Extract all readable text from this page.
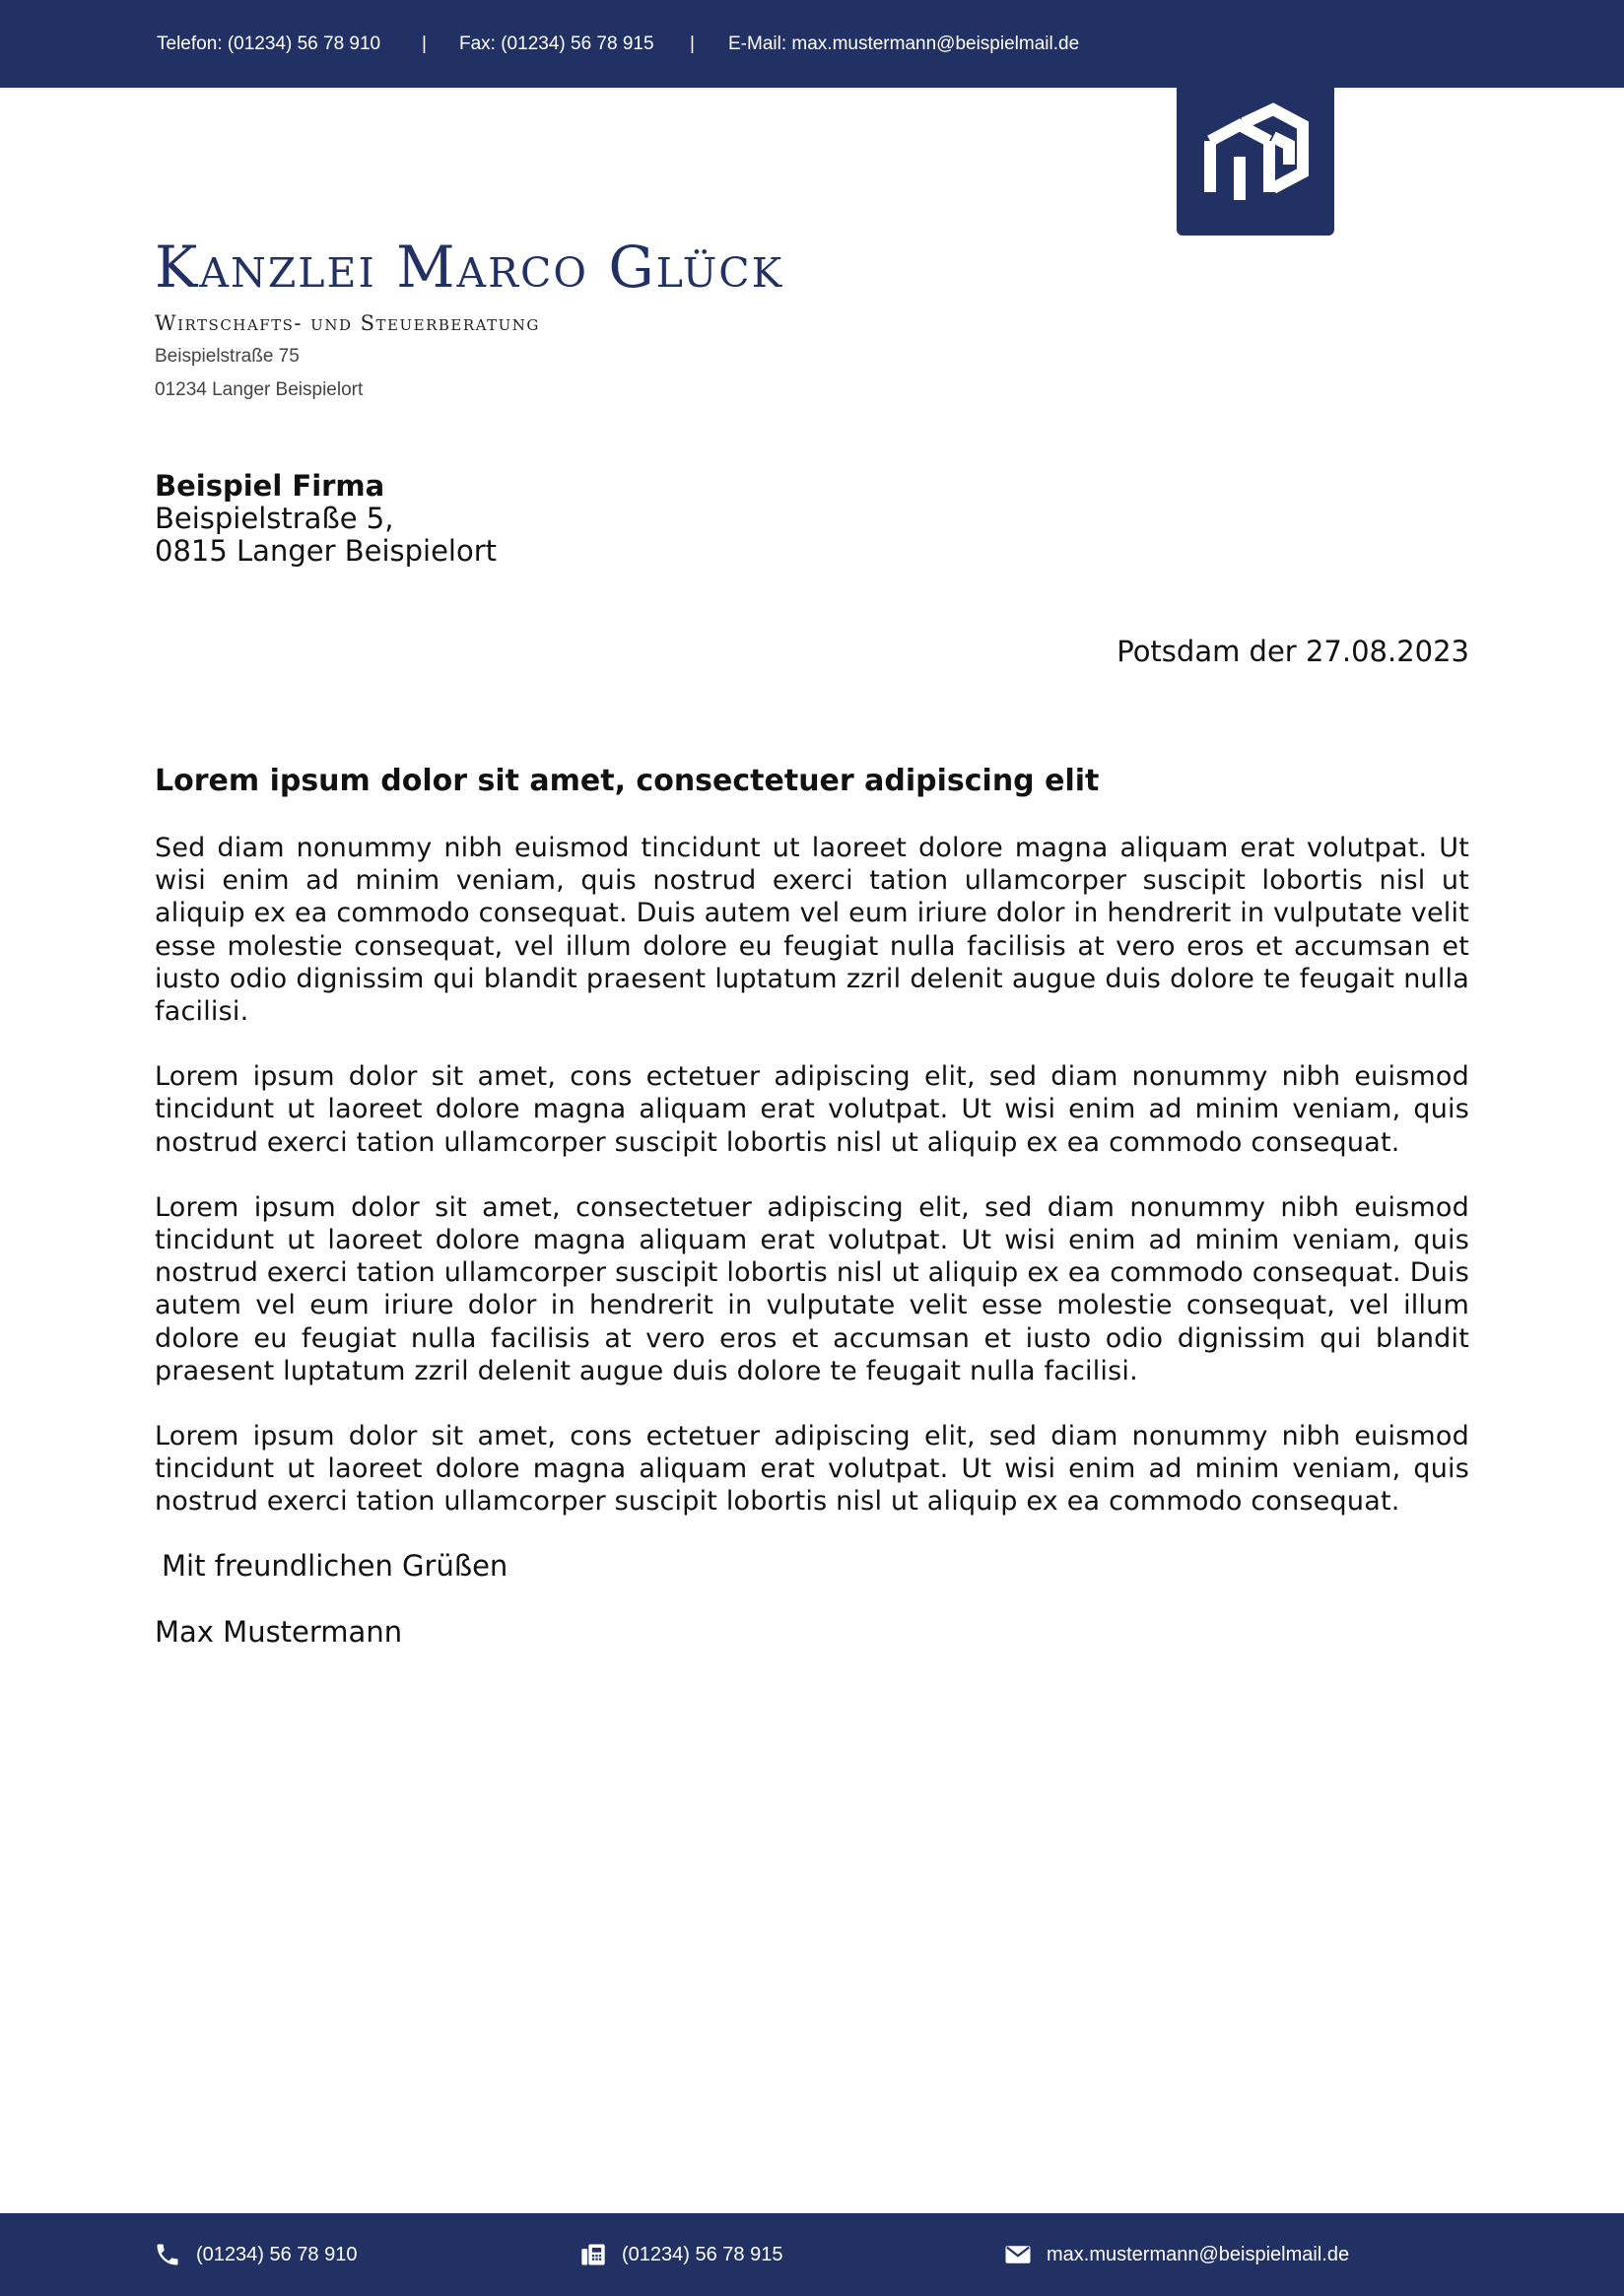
Telefon: (01234) 56 78 910 | Fax: (01234) 56 78 915 | E-Mail: max.mustermann@beispielmail.de
Kanzlei Marco Glück
Wirtschafts- und Steuerberatung
Beispielstraße 75
01234 Langer Beispielort
Beispiel Firma
Beispielstraße 5,
0815 Langer Beispielort
Potsdam der 27.08.2023
Lorem ipsum dolor sit amet, consectetuer adipiscing elit

Sed diam nonummy nibh euismod tincidunt ut laoreet dolore magna aliquam erat volutpat. Ut wisi enim ad minim veniam, quis nostrud exerci tation ullamcorper suscipit lobortis nisl ut aliquip ex ea commodo consequat. Duis autem vel eum iriure dolor in hendrerit in vulputate velit esse molestie consequat, vel illum dolore eu feugiat nulla facilisis at vero eros et accumsan et iusto odio dignissim qui blandit praesent luptatum zzril delenit augue duis dolore te feugait nulla facilisi.

Lorem ipsum dolor sit amet, cons ectetuer adipiscing elit, sed diam nonummy nibh euismod tincidunt ut laoreet dolore magna aliquam erat volutpat. Ut wisi enim ad minim veniam, quis nostrud exerci tation ullamcorper suscipit lobortis nisl ut aliquip ex ea commodo consequat.

Lorem ipsum dolor sit amet, consectetuer adipiscing elit, sed diam nonummy nibh euismod tincidunt ut laoreet dolore magna aliquam erat volutpat. Ut wisi enim ad minim veniam, quis nostrud exerci tation ullamcorper suscipit lobortis nisl ut aliquip ex ea commodo consequat. Duis autem vel eum iriure dolor in hendrerit in vulputate velit esse molestie consequat, vel illum dolore eu feugiat nulla facilisis at vero eros et accumsan et iusto odio dignissim qui blandit praesent luptatum zzril delenit augue duis dolore te feugait nulla facilisi.

Lorem ipsum dolor sit amet, cons ectetuer adipiscing elit, sed diam nonummy nibh euismod tincidunt ut laoreet dolore magna aliquam erat volutpat. Ut wisi enim ad minim veniam, quis nostrud exerci tation ullamcorper suscipit lobortis nisl ut aliquip ex ea commodo consequat.

Mit freundlichen Grüßen
Max Mustermann
(01234) 56 78 910	(01234) 56 78 915	max.mustermann@beispielmail.de
